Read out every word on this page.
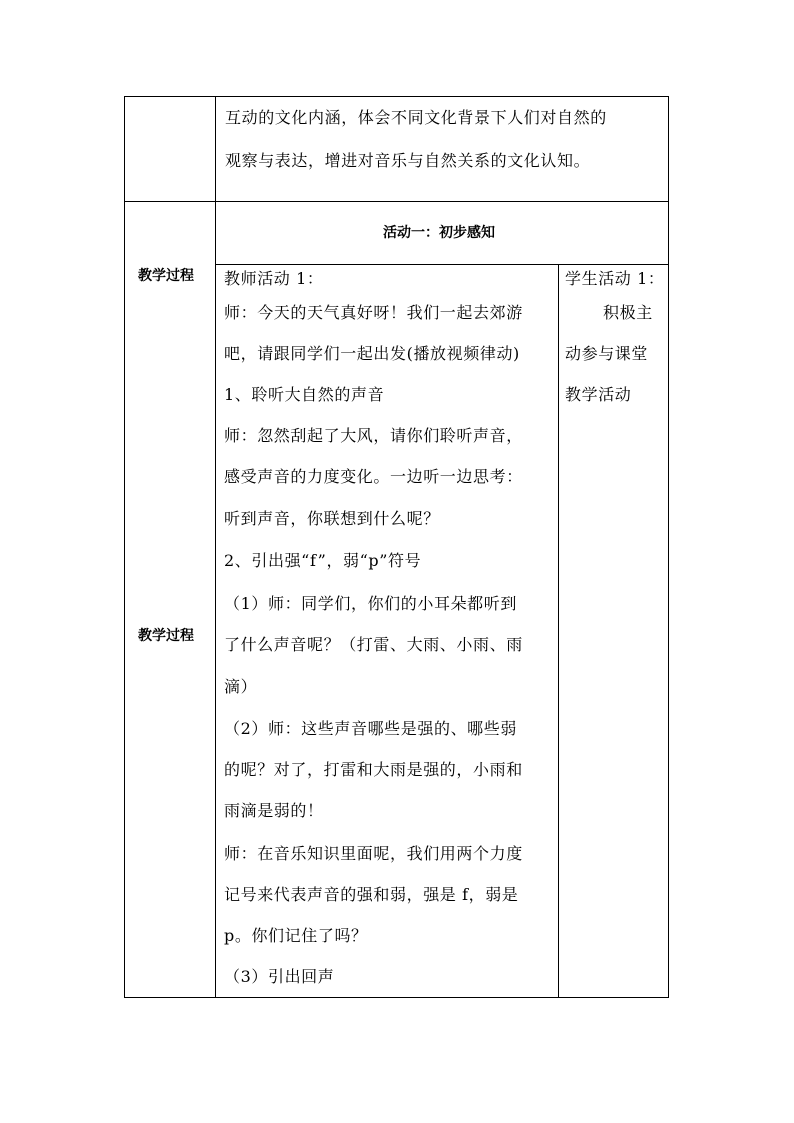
互动的文化内涵，体会不同文化背景下人们对自然的
观察与表达，增进对音乐与自然关系的文化认知。
教学过程
教学过程
活动一：初步感知
教师活动 1：
师：今天的天气真好呀！我们一起去郊游
吧，请跟同学们一起出发(播放视频律动)
1、聆听大自然的声音
师：忽然刮起了大风，请你们聆听声音，
感受声音的力度变化。一边听一边思考：
听到声音，你联想到什么呢？
2、引出强“f”，弱“p”符号
（1）师：同学们，你们的小耳朵都听到
了什么声音呢？（打雷、大雨、小雨、雨
滴）
（2）师：这些声音哪些是强的、哪些弱
的呢？对了，打雷和大雨是强的，小雨和
雨滴是弱的！
师：在音乐知识里面呢，我们用两个力度
记号来代表声音的强和弱，强是 f，弱是
p。你们记住了吗？
（3）引出回声
学生活动 1：
积极主
动参与课堂
教学活动
